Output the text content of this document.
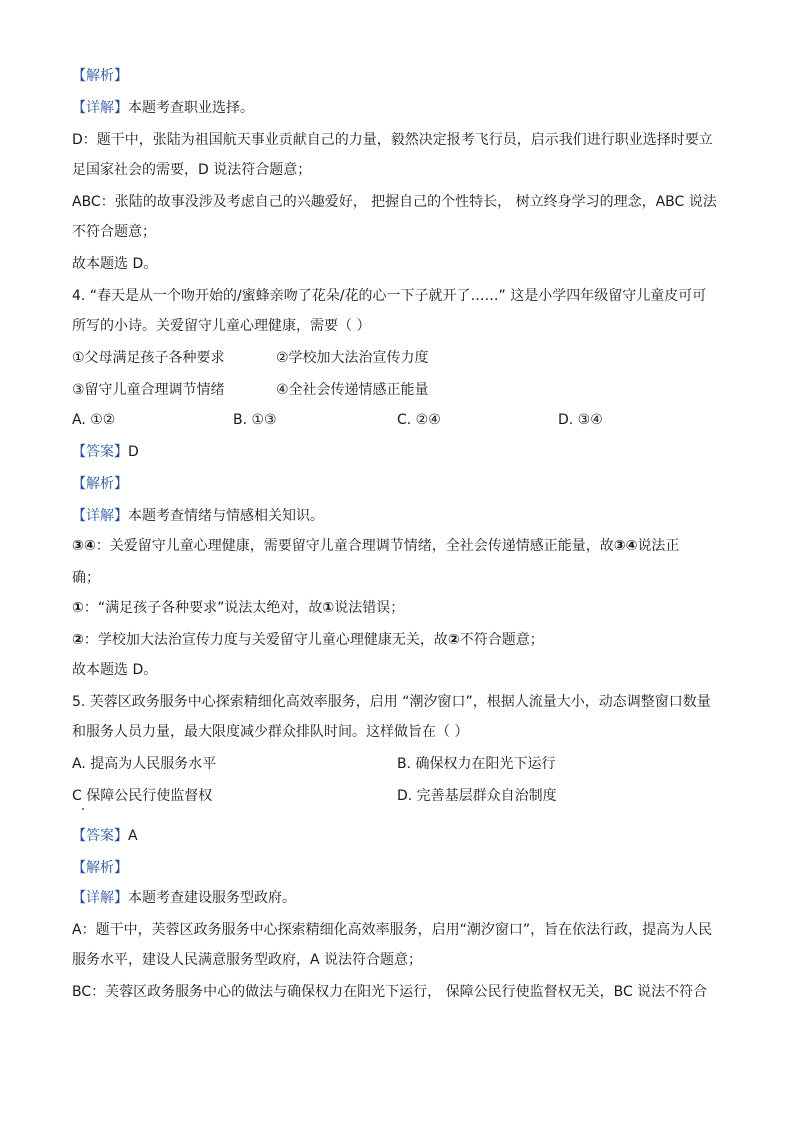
【解析】
【详解】本题考查职业选择。
D：题干中，张陆为祖国航天事业贡献自己的力量，毅然决定报考飞行员，启示我们进行职业选择时要立
足国家社会的需要，D 说法符合题意；
ABC：张陆的故事没涉及考虑自己的兴趣爱好， 把握自己的个性特长， 树立终身学习的理念，ABC 说法
不符合题意；
故本题选 D。
4. “春天是从一个吻开始的/蜜蜂亲吻了花朵/花的心一下子就开了……” 这是小学四年级留守儿童皮可可
所写的小诗。关爱留守儿童心理健康，需要（ ）
①父母满足孩子各种要求	②学校加大法治宣传力度
③留守儿童合理调节情绪	④全社会传递情感正能量
A. ①②	B. ①③	C. ②④	D. ③④
【答案】D
【解析】
【详解】本题考查情绪与情感相关知识。
③④：关爱留守儿童心理健康，需要留守儿童合理调节情绪，全社会传递情感正能量，故③④说法正
确；
①：“满足孩子各种要求”说法太绝对，故①说法错误；
②：学校加大法治宣传力度与关爱留守儿童心理健康无关，故②不符合题意；
故本题选 D。
5. 芙蓉区政务服务中心探索精细化高效率服务，启用 “潮汐窗口”，根据人流量大小，动态调整窗口数量
和服务人员力量，最大限度减少群众排队时间。这样做旨在（ ）
A. 提高为人民服务水平	B. 确保权力在阳光下运行
C 保障公民行使监督权	D. 完善基层群众自治制度
【答案】A
【解析】
【详解】本题考查建设服务型政府。
A：题干中，芙蓉区政务服务中心探索精细化高效率服务，启用“潮汐窗口”，旨在依法行政，提高为人民
服务水平，建设人民满意服务型政府，A 说法符合题意；
BC：芙蓉区政务服务中心的做法与确保权力在阳光下运行， 保障公民行使监督权无关，BC 说法不符合
